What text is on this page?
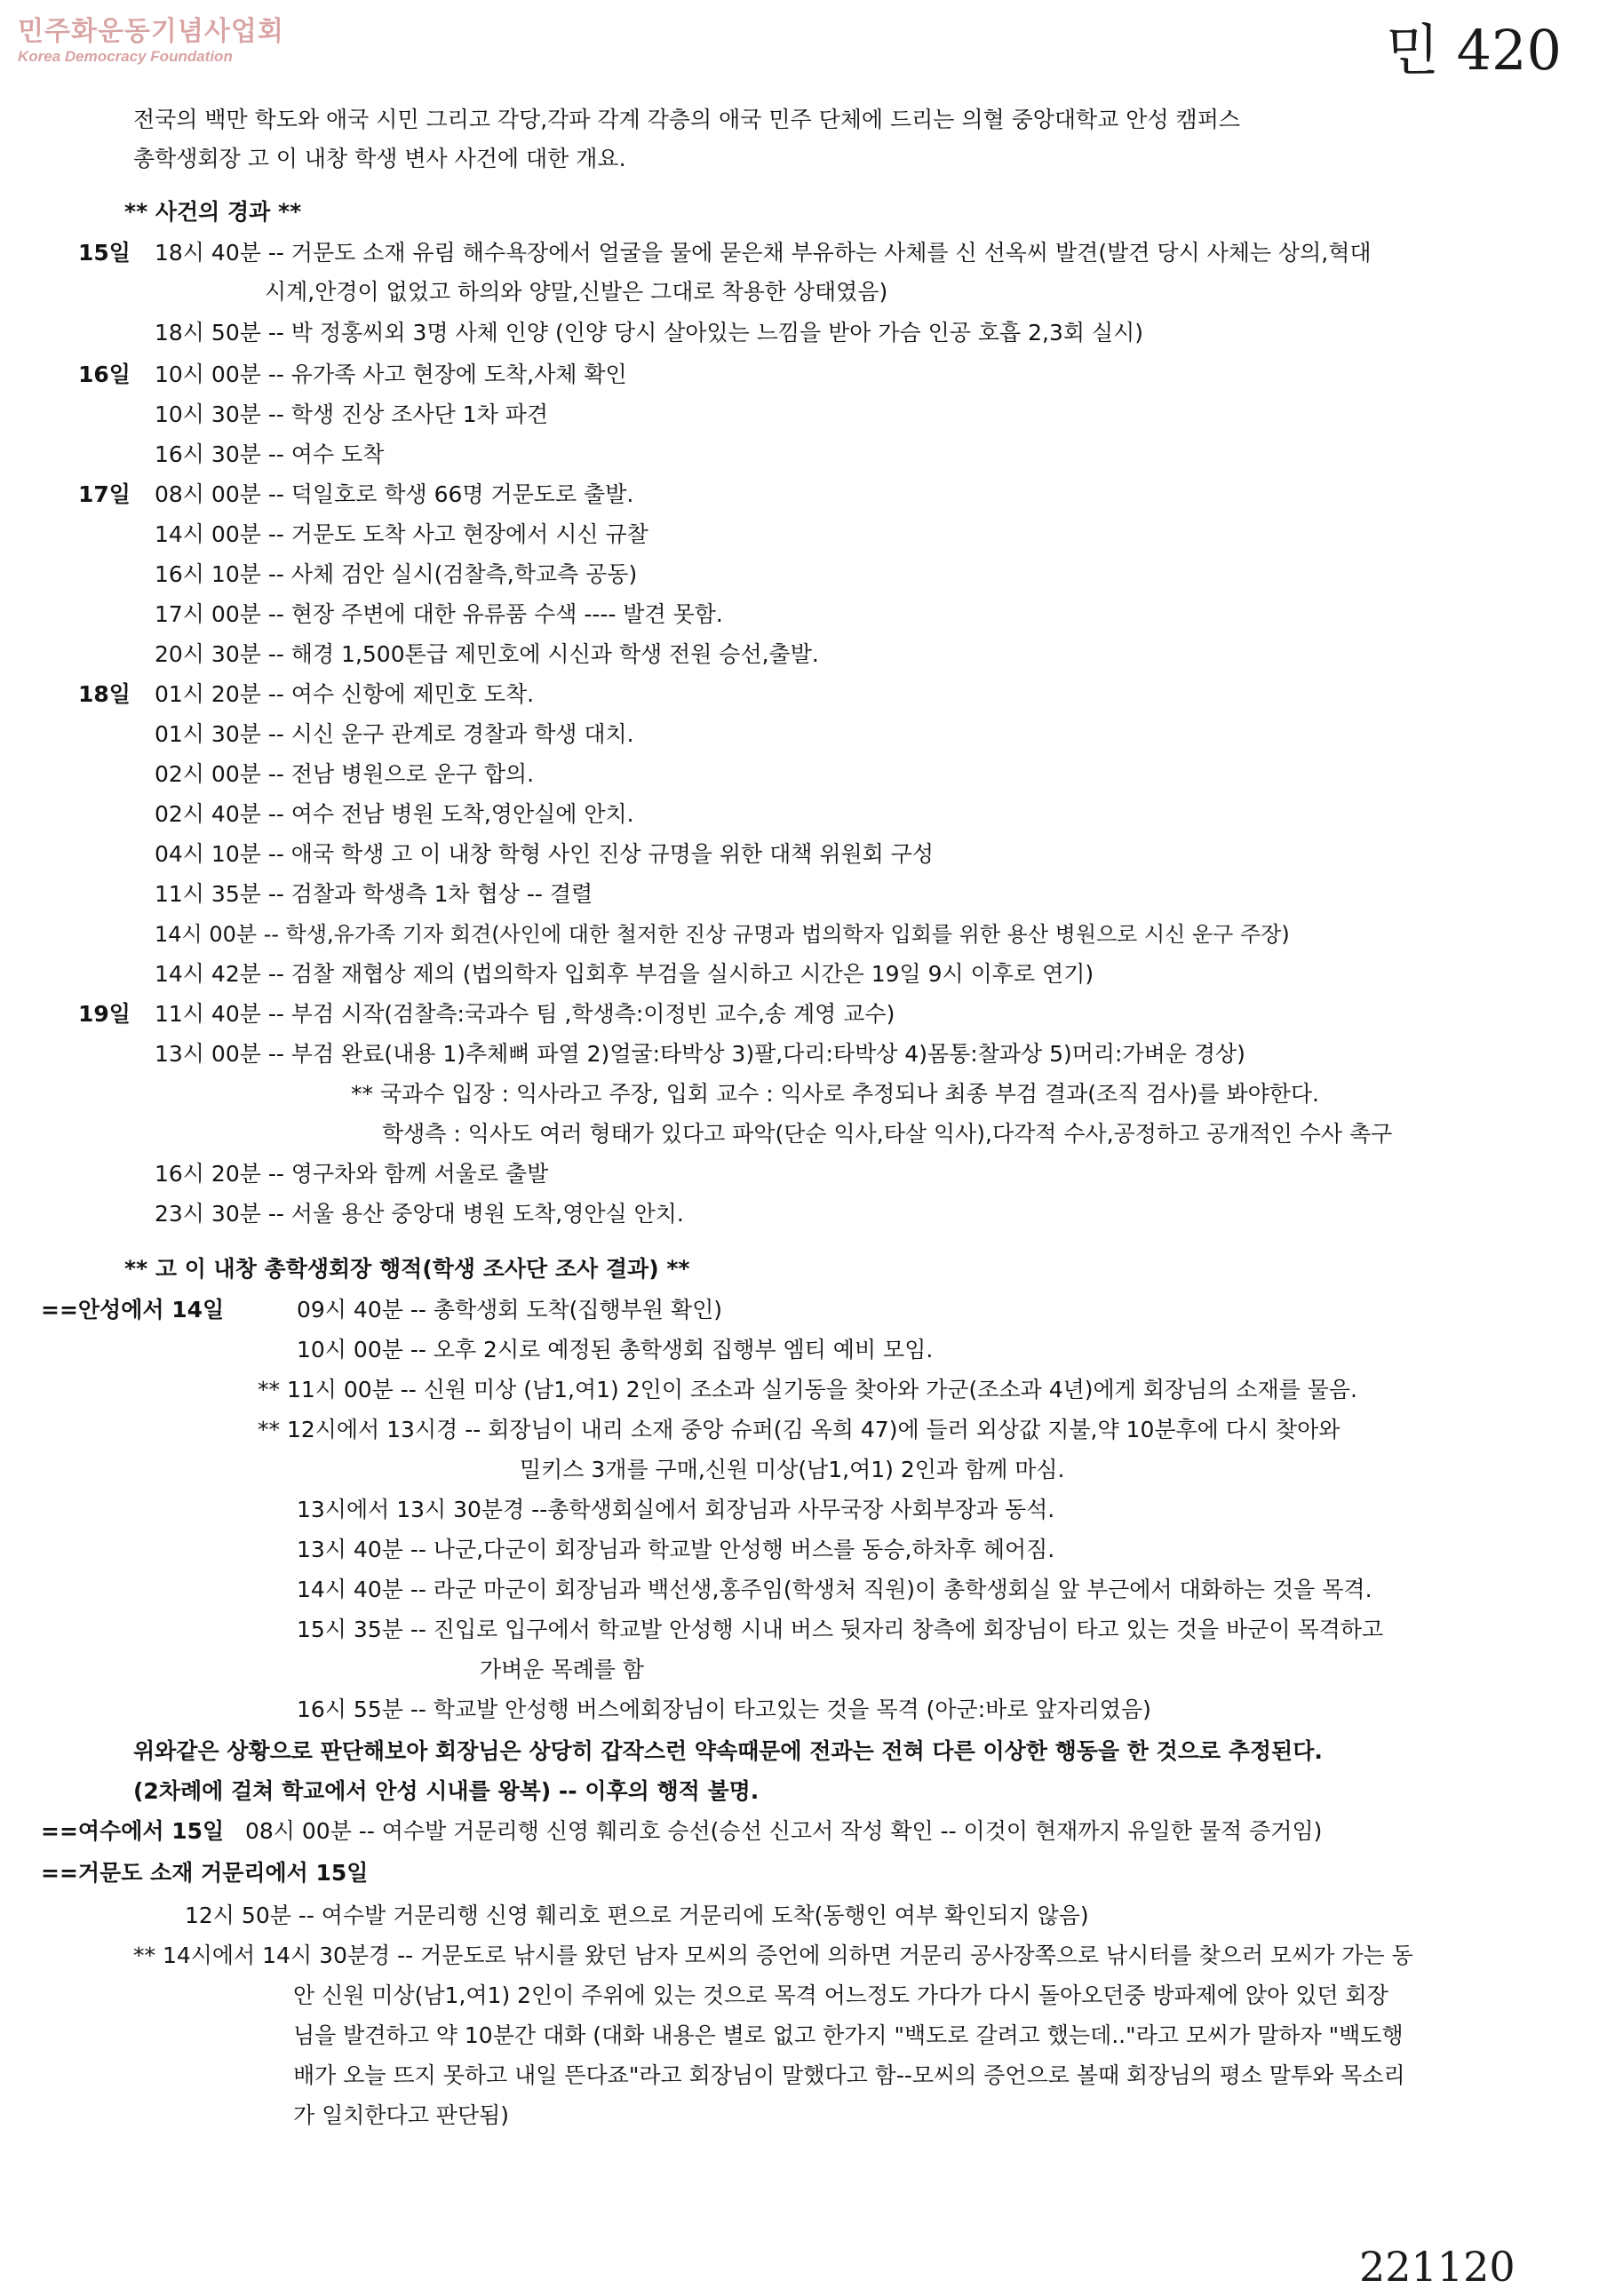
민주화운동기념사업회
Korea Democracy Foundation	민 420
전국의 백만 학도와 애국 시민 그리고 각당,각파 각계 각층의 애국 민주 단체에 드리는 의혈 중앙대학교 안성 캠퍼스
총학생회장 고 이 내창 학생 변사 사건에 대한 개요.
** 사건의 경과 **
15일 18시 40분 -- 거문도 소재 유림 해수욕장에서 얼굴을 물에 묻은채 부유하는 사체를 신 선옥씨 발견(발견 당시 사체는 상의,혁대
시계,안경이 없었고 하의와 양말,신발은 그대로 착용한 상태였음)
18시 50분 -- 박 정홍씨외 3명 사체 인양 (인양 당시 살아있는 느낌을 받아 가슴 인공 호흡 2,3회 실시)
16일 10시 00분 -- 유가족 사고 현장에 도착,사체 확인
10시 30분 -- 학생 진상 조사단 1차 파견
16시 30분 -- 여수 도착
17일 08시 00분 -- 덕일호로 학생 66명 거문도로 출발.
14시 00분 -- 거문도 도착 사고 현장에서 시신 규찰
16시 10분 -- 사체 검안 실시(검찰측,학교측 공동)
17시 00분 -- 현장 주변에 대한 유류품 수색 ---- 발견 못함.
20시 30분 -- 해경 1,500톤급 제민호에 시신과 학생 전원 승선,출발.
18일 01시 20분 -- 여수 신항에 제민호 도착.
01시 30분 -- 시신 운구 관계로 경찰과 학생 대치.
02시 00분 -- 전남 병원으로 운구 합의.
02시 40분 -- 여수 전남 병원 도착,영안실에 안치.
04시 10분 -- 애국 학생 고 이 내창 학형 사인 진상 규명을 위한 대책 위원회 구성
11시 35분 -- 검찰과 학생측 1차 협상 -- 결렬
14시 00분 -- 학생,유가족 기자 회견(사인에 대한 철저한 진상 규명과 법의학자 입회를 위한 용산 병원으로 시신 운구 주장)
14시 42분 -- 검찰 재협상 제의 (법의학자 입회후 부검을 실시하고 시간은 19일 9시 이후로 연기)
19일 11시 40분 -- 부검 시작(검찰측:국과수 팀 ,학생측:이정빈 교수,송 계영 교수)
13시 00분 -- 부검 완료(내용 1)추체뼈 파열 2)얼굴:타박상 3)팔,다리:타박상 4)몸통:찰과상 5)머리:가벼운 경상)
** 국과수 입장 : 익사라고 주장, 입회 교수 : 익사로 추정되나 최종 부검 결과(조직 검사)를 봐야한다.
학생측 : 익사도 여러 형태가 있다고 파악(단순 익사,타살 익사),다각적 수사,공정하고 공개적인 수사 촉구
16시 20분 -- 영구차와 함께 서울로 출발
23시 30분 -- 서울 용산 중앙대 병원 도착,영안실 안치.
** 고 이 내창 총학생회장 행적(학생 조사단 조사 결과) **
==안성에서 14일	09시 40분 -- 총학생회 도착(집행부원 확인)
10시 00분 -- 오후 2시로 예정된 총학생회 집행부 엠티 예비 모임.
** 11시 00분 -- 신원 미상 (남1,여1) 2인이 조소과 실기동을 찾아와 가군(조소과 4년)에게 회장님의 소재를 물음.
** 12시에서 13시경 -- 회장님이 내리 소재 중앙 슈퍼(김 옥희 47)에 들러 외상값 지불,약 10분후에 다시 찾아와
밀키스 3개를 구매,신원 미상(남1,여1) 2인과 함께 마심.
13시에서 13시 30분경 --총학생회실에서 회장님과 사무국장 사회부장과 동석.
13시 40분 -- 나군,다군이 회장님과 학교발 안성행 버스를 동승,하차후 헤어짐.
14시 40분 -- 라군 마군이 회장님과 백선생,홍주임(학생처 직원)이 총학생회실 앞 부근에서 대화하는 것을 목격.
15시 35분 -- 진입로 입구에서 학교발 안성행 시내 버스 뒷자리 창측에 회장님이 타고 있는 것을 바군이 목격하고
가벼운 목례를 함
16시 55분 -- 학교발 안성행 버스에회장님이 타고있는 것을 목격 (아군:바로 앞자리였음)
위와같은 상황으로 판단해보아 회장님은 상당히 갑작스런 약속때문에 전과는 전혀 다른 이상한 행동을 한 것으로 추정된다.
(2차례에 걸쳐 학교에서 안성 시내를 왕복) -- 이후의 행적 불명.
==여수에서 15일 08시 00분 -- 여수발 거문리행 신영 훼리호 승선(승선 신고서 작성 확인 -- 이것이 현재까지 유일한 물적 증거임)
==거문도 소재 거문리에서 15일
12시 50분 -- 여수발 거문리행 신영 훼리호 편으로 거문리에 도착(동행인 여부 확인되지 않음)
** 14시에서 14시 30분경 -- 거문도로 낚시를 왔던 남자 모씨의 증언에 의하면 거문리 공사장쪽으로 낚시터를 찾으러 모씨가 가는 동
안 신원 미상(남1,여1) 2인이 주위에 있는 것으로 목격 어느정도 가다가 다시 돌아오던중 방파제에 앉아 있던 회장
님을 발견하고 약 10분간 대화 (대화 내용은 별로 없고 한가지 "백도로 갈려고 했는데.."라고 모씨가 말하자 "백도행
배가 오늘 뜨지 못하고 내일 뜬다죠"라고 회장님이 말했다고 함--모씨의 증언으로 볼때 회장님의 평소 말투와 목소리
가 일치한다고 판단됨)
221120
